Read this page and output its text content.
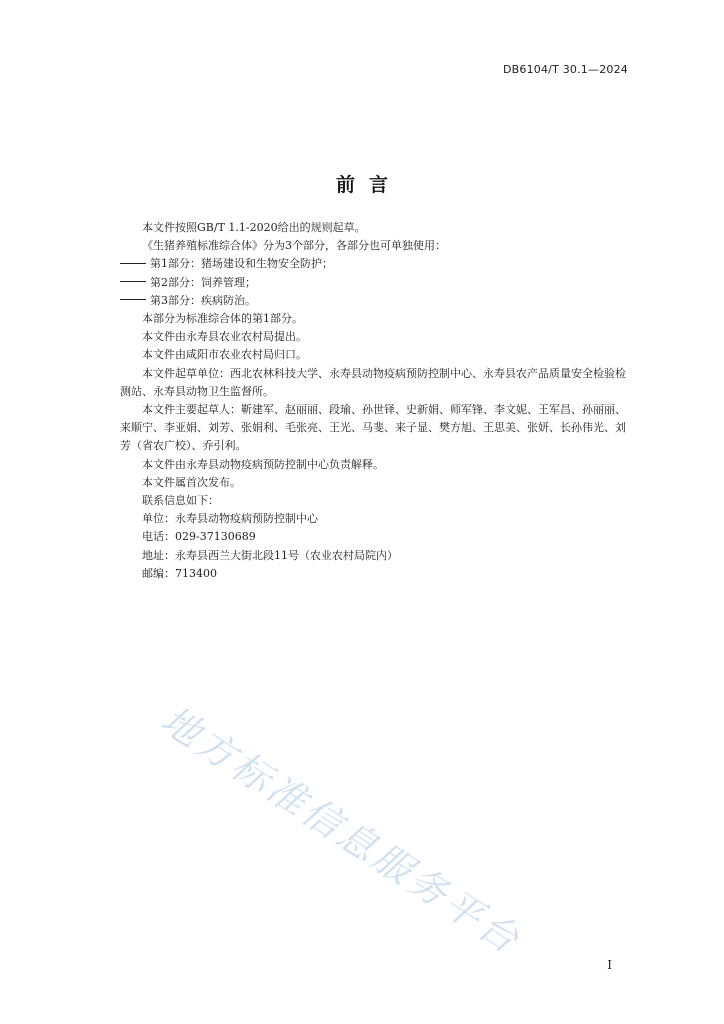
DB6104/T 30.1—2024
前言

本文件按照GB/T 1.1-2020给出的规则起草。

《生猪养殖标准综合体》分为3个部分，各部分也可单独使用：

第1部分：猪场建设和生物安全防护；

第2部分：饲养管理；

第3部分：疾病防治。

本部分为标准综合体的第1部分。

本文件由永寿县农业农村局提出。

本文件由咸阳市农业农村局归口。

本文件起草单位：西北农林科技大学、永寿县动物疫病预防控制中心、永寿县农产品质量安全检验检测站、永寿县动物卫生监督所。

本文件主要起草人：靳建军、赵丽丽、段瑜、孙世铎、史新娟、师军锋、李文妮、王军昌、孙丽丽、来顺宁、李亚娟、刘芳、张娟利、毛张亮、王光、马斐、来子显、樊方旭、王思美、张妍、长孙伟光、刘芳（省农广校）、乔引利。

本文件由永寿县动物疫病预防控制中心负责解释。

本文件属首次发布。

联系信息如下：

单位：永寿县动物疫病预防控制中心

电话：029-37130689

地址：永寿县西兰大街北段11号（农业农村局院内）

邮编：713400

地方标准信息服务平台
I
